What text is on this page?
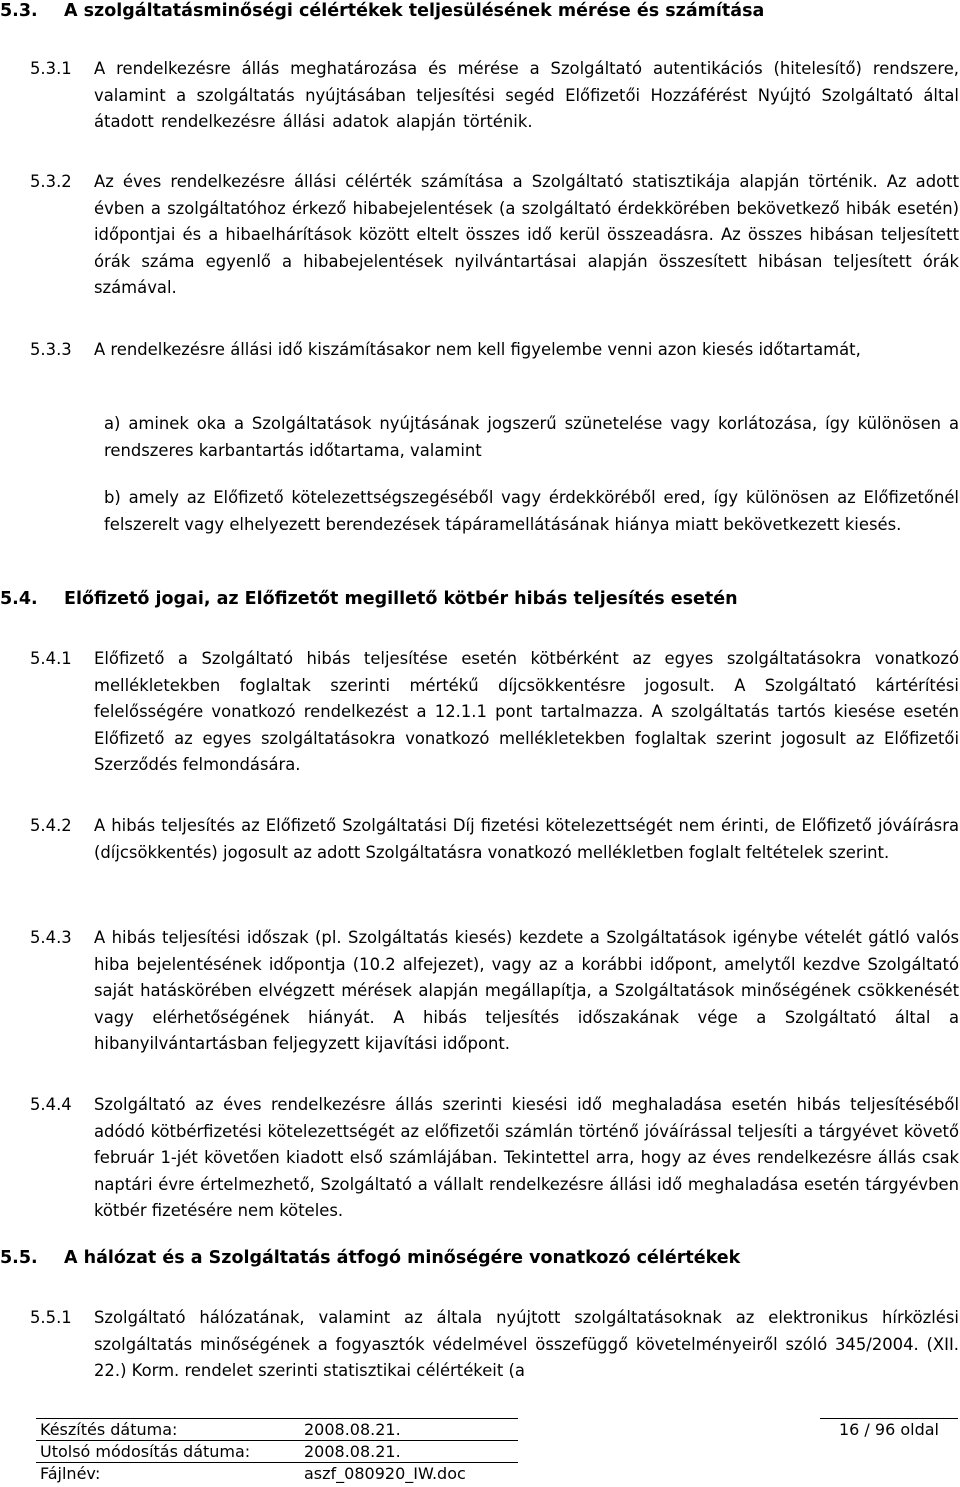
5.3. A szolgáltatásminőségi célértékek teljesülésének mérése és számítása
5.3.1 A rendelkezésre állás meghatározása és mérése a Szolgáltató autentikációs (hitelesítő) rendszere, valamint a szolgáltatás nyújtásában teljesítési segéd Előfizetői Hozzáférést Nyújtó Szolgáltató által átadott rendelkezésre állási adatok alapján történik.
5.3.2 Az éves rendelkezésre állási célérték számítása a Szolgáltató statisztikája alapján történik. Az adott évben a szolgáltatóhoz érkező hibabejelentések (a szolgáltató érdekkörében bekövetkező hibák esetén) időpontjai és a hibaelhárítások között eltelt összes idő kerül összeadásra. Az összes hibásan teljesített órák száma egyenlő a hibabejelentések nyilvántartásai alapján összesített hibásan teljesített órák számával.
5.3.3 A rendelkezésre állási idő kiszámításakor nem kell figyelembe venni azon kiesés időtartamát,
a) aminek oka a Szolgáltatások nyújtásának jogszerű szünetelése vagy korlátozása, így különösen a rendszeres karbantartás időtartama, valamint
b) amely az Előfizető kötelezettségszegéséből vagy érdekköréből ered, így különösen az Előfizetőnél felszerelt vagy elhelyezett berendezések tápáramellátásának hiánya miatt bekövetkezett kiesés.
5.4. Előfizető jogai, az Előfizetőt megillető kötbér hibás teljesítés esetén
5.4.1 Előfizető a Szolgáltató hibás teljesítése esetén kötbérként az egyes szolgáltatásokra vonatkozó mellékletekben foglaltak szerinti mértékű díjcsökkentésre jogosult. A Szolgáltató kártérítési felelősségére vonatkozó rendelkezést a 12.1.1 pont tartalmazza. A szolgáltatás tartós kiesése esetén Előfizető az egyes szolgáltatásokra vonatkozó mellékletekben foglaltak szerint jogosult az Előfizetői Szerződés felmondására.
5.4.2 A hibás teljesítés az Előfizető Szolgáltatási Díj fizetési kötelezettségét nem érinti, de Előfizető jóváírásra (díjcsökkentés) jogosult az adott Szolgáltatásra vonatkozó mellékletben foglalt feltételek szerint.
5.4.3 A hibás teljesítési időszak (pl. Szolgáltatás kiesés) kezdete a Szolgáltatások igénybe vételét gátló valós hiba bejelentésének időpontja (10.2 alfejezet), vagy az a korábbi időpont, amelytől kezdve Szolgáltató saját hatáskörében elvégzett mérések alapján megállapítja, a Szolgáltatások minőségének csökkenését vagy elérhetőségének hiányát. A hibás teljesítés időszakának vége a Szolgáltató által a hibanyilvántartásban feljegyzett kijavítási időpont.
5.4.4 Szolgáltató az éves rendelkezésre állás szerinti kiesési idő meghaladása esetén hibás teljesítéséből adódó kötbérfizetési kötelezettségét az előfizetői számlán történő jóváírással teljesíti a tárgyévet követő február 1-jét követően kiadott első számlájában. Tekintettel arra, hogy az éves rendelkezésre állás csak naptári évre értelmezhető, Szolgáltató a vállalt rendelkezésre állási idő meghaladása esetén tárgyévben kötbér fizetésére nem köteles.
5.5. A hálózat és a Szolgáltatás átfogó minőségére vonatkozó célértékek
5.5.1 Szolgáltató hálózatának, valamint az általa nyújtott szolgáltatásoknak az elektronikus hírközlési szolgáltatás minőségének a fogyasztók védelmével összefüggő követelményeiről szóló 345/2004. (XII. 22.) Korm. rendelet szerinti statisztikai célértékeit (a
Készítés dátuma:	2008.08.21.
Utolsó módosítás dátuma:	2008.08.21.
Fájlnév:	aszf_080920_IW.doc
16 / 96 oldal
